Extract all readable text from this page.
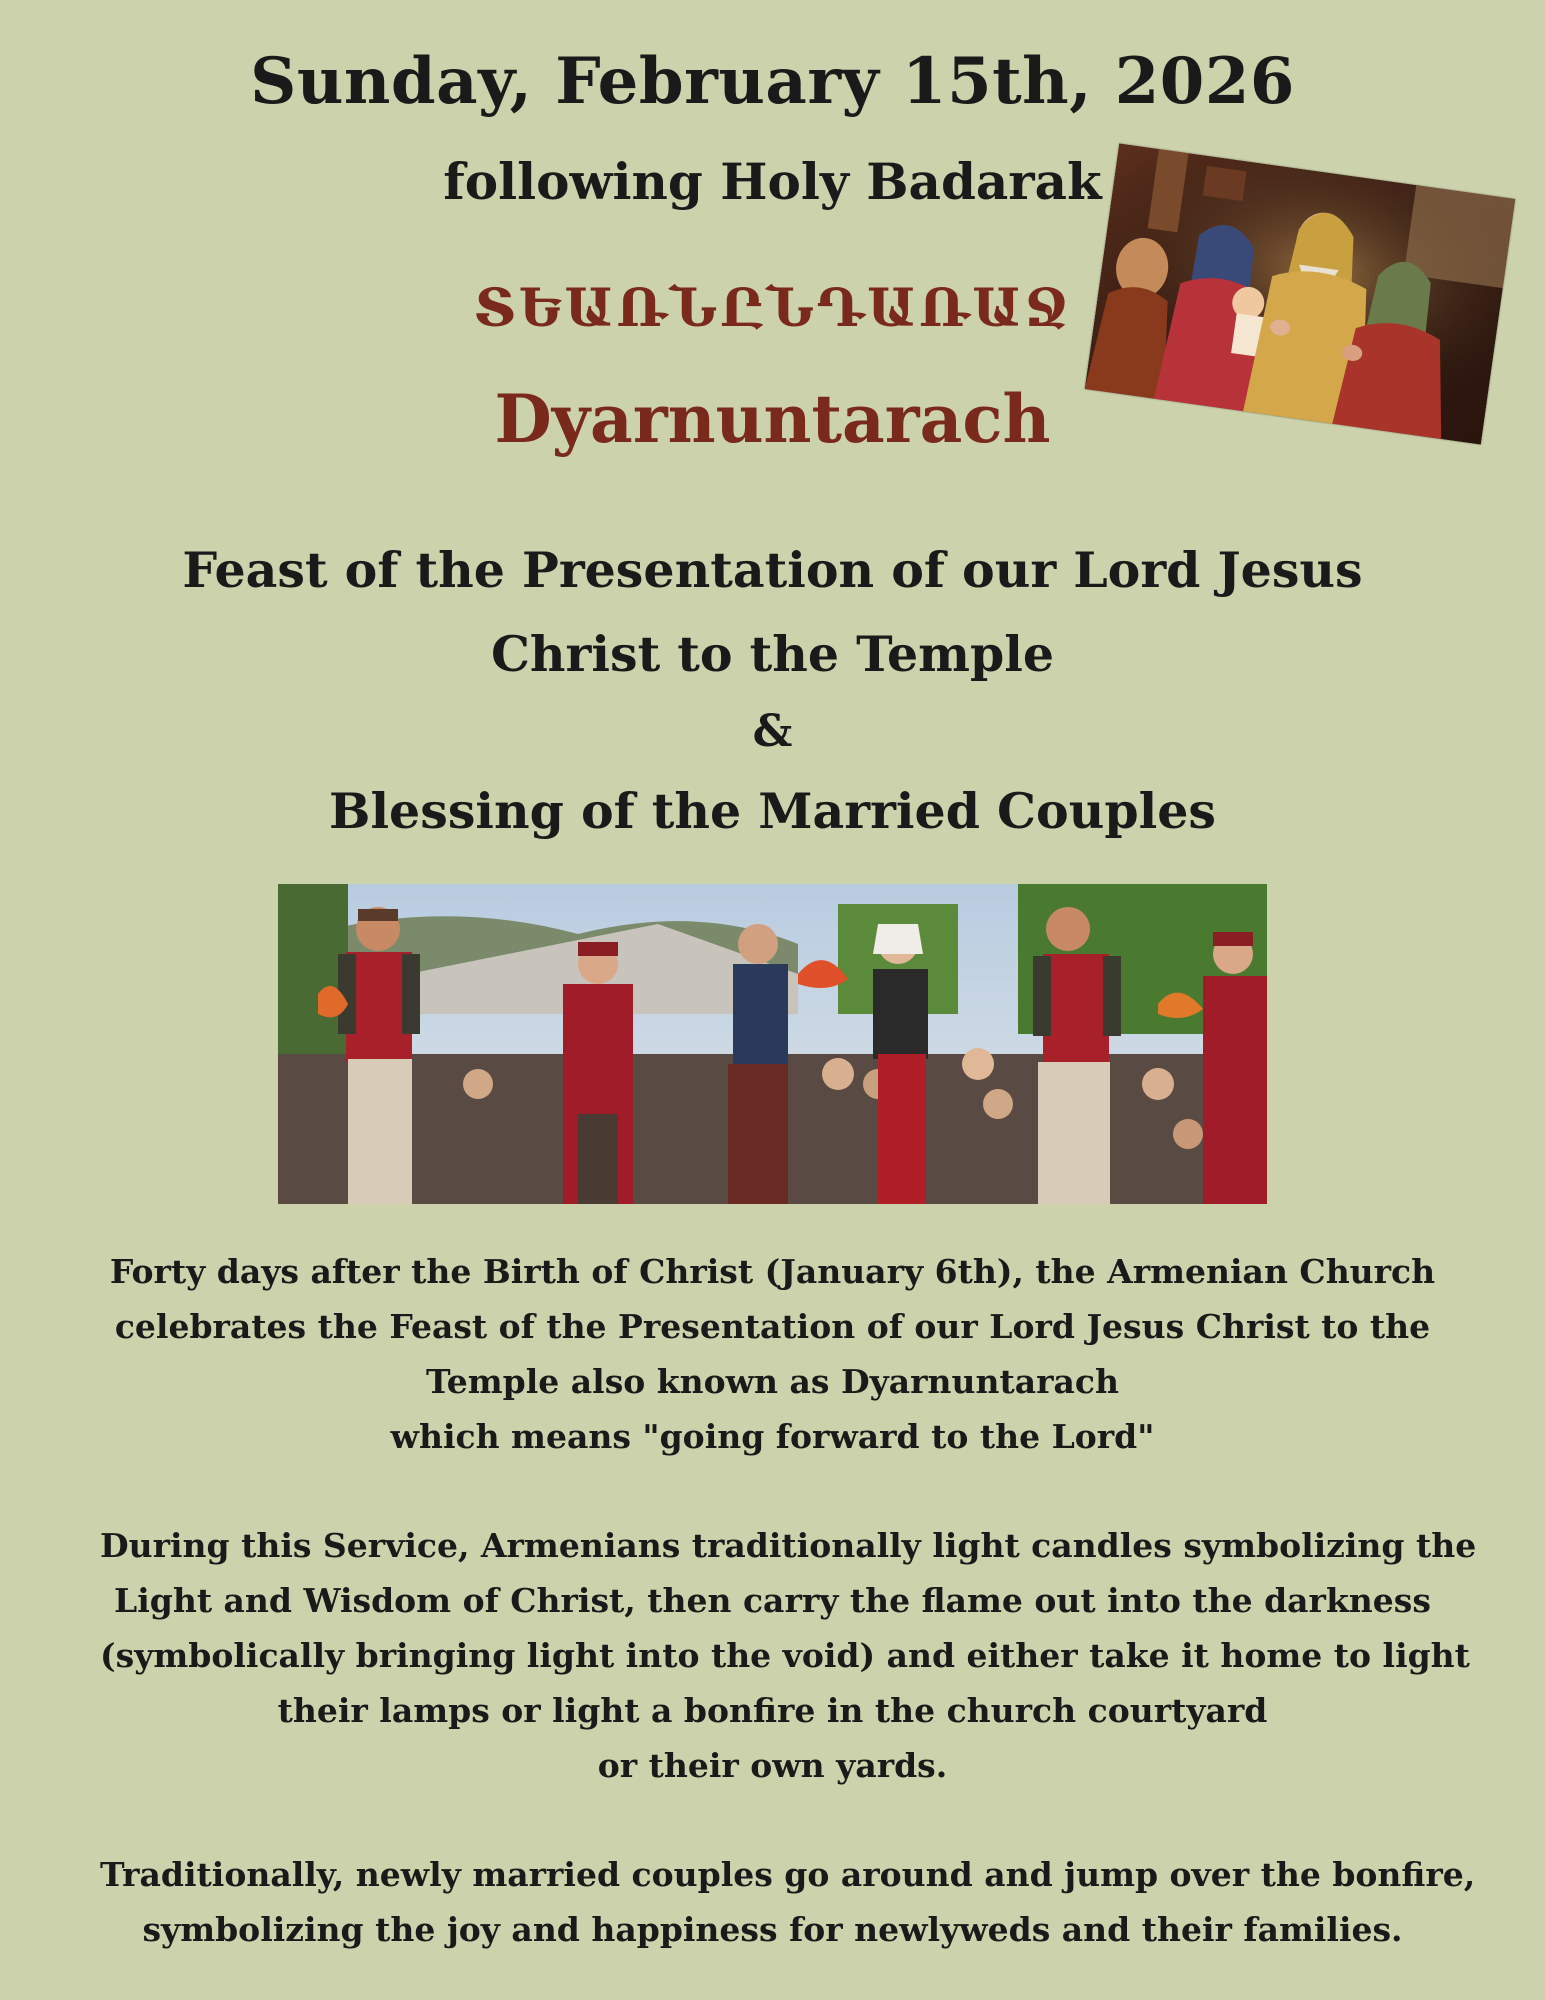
Sunday, February 15th, 2026
following Holy Badarak
ՏԵԱՌՆԸՆԴԱՌԱՋ
Dyarnuntarach
Feast of the Presentation of our Lord Jesus
Christ to the Temple
&
Blessing of the Married Couples
Forty days after the Birth of Christ (January 6th), the Armenian Church
celebrates the Feast of the Presentation of our Lord Jesus Christ to the
Temple also known as Dyarnuntarach
which means "going forward to the Lord"
During this Service, Armenians traditionally light candles symbolizing the
Light and Wisdom of Christ, then carry the flame out into the darkness
(symbolically bringing light into the void) and either take it home to light
their lamps or light a bonfire in the church courtyard
or their own yards.
Traditionally, newly married couples go around and jump over the bonfire,
symbolizing the joy and happiness for newlyweds and their families.
